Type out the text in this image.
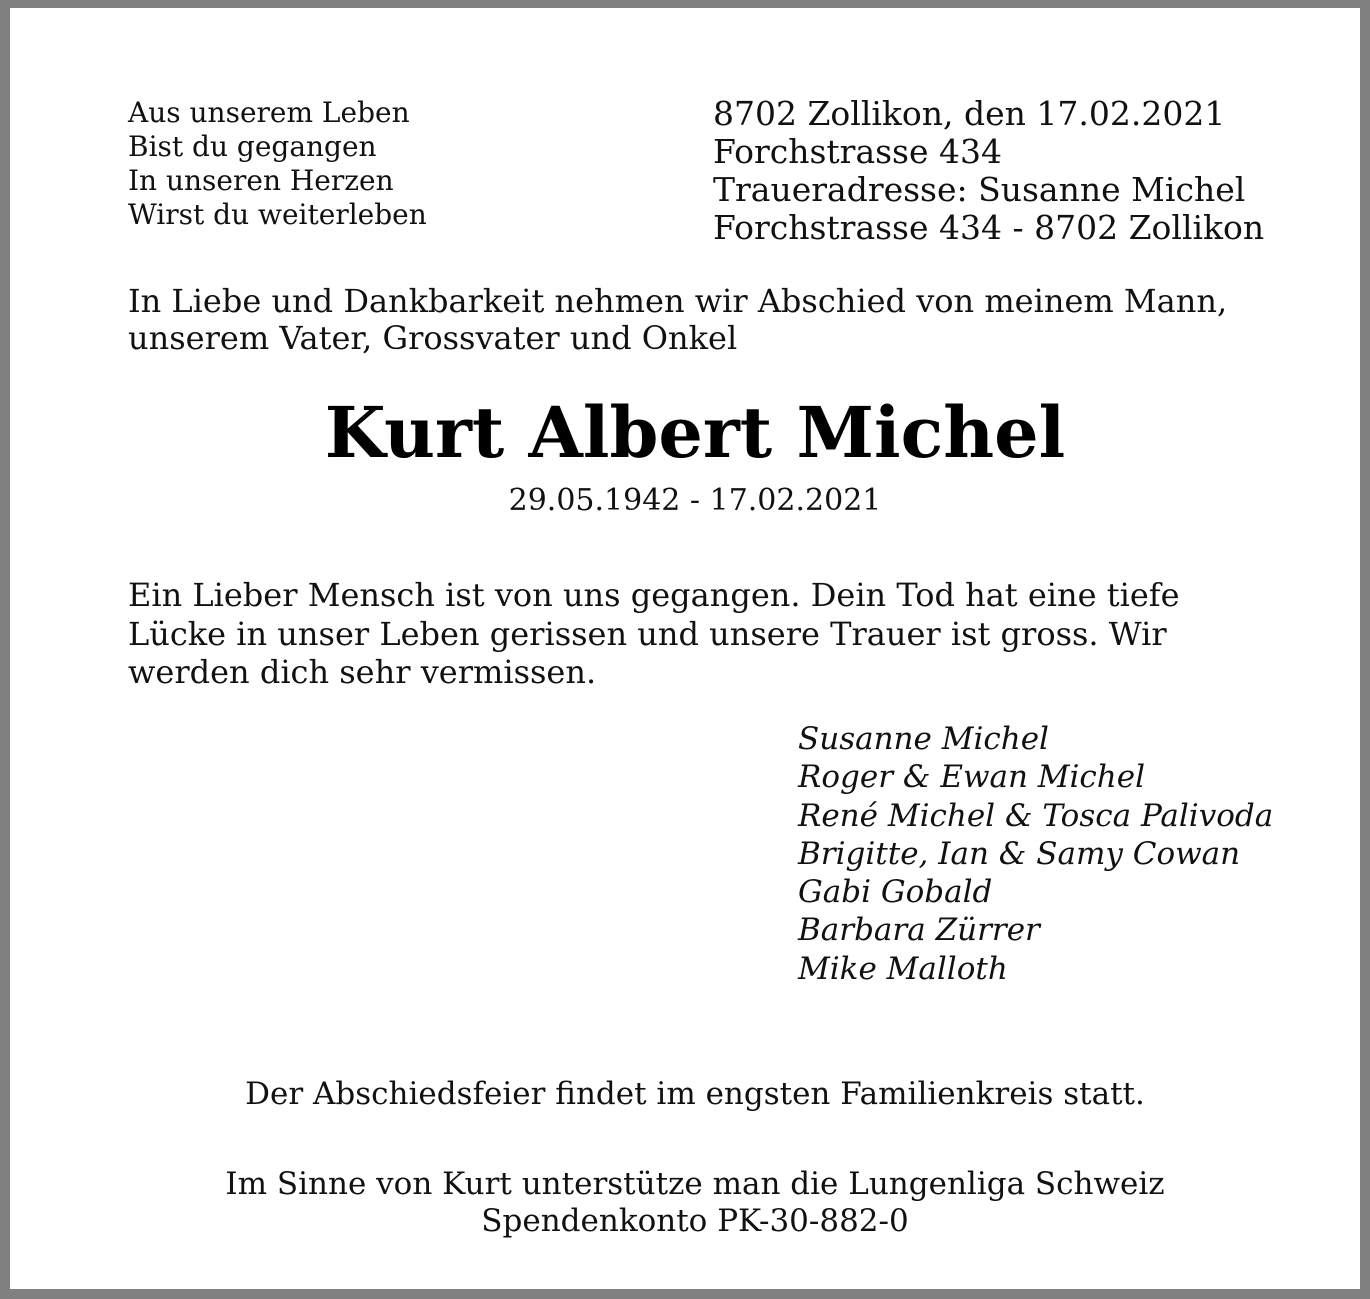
Aus unserem Leben
Bist du gegangen
In unseren Herzen
Wirst du weiterleben
8702 Zollikon, den 17.02.2021
Forchstrasse 434
Traueradresse: Susanne Michel
Forchstrasse 434 - 8702 Zollikon
In Liebe und Dankbarkeit nehmen wir Abschied von meinem Mann,
unserem Vater, Grossvater und Onkel
Kurt Albert Michel
29.05.1942 - 17.02.2021
Ein Lieber Mensch ist von uns gegangen. Dein Tod hat eine tiefe
Lücke in unser Leben gerissen und unsere Trauer ist gross. Wir
werden dich sehr vermissen.
Susanne Michel
Roger & Ewan Michel
René Michel & Tosca Palivoda
Brigitte, Ian & Samy Cowan
Gabi Gobald
Barbara Zürrer
Mike Malloth
Der Abschiedsfeier findet im engsten Familienkreis statt.
Im Sinne von Kurt unterstütze man die Lungenliga Schweiz
Spendenkonto PK-30-882-0
